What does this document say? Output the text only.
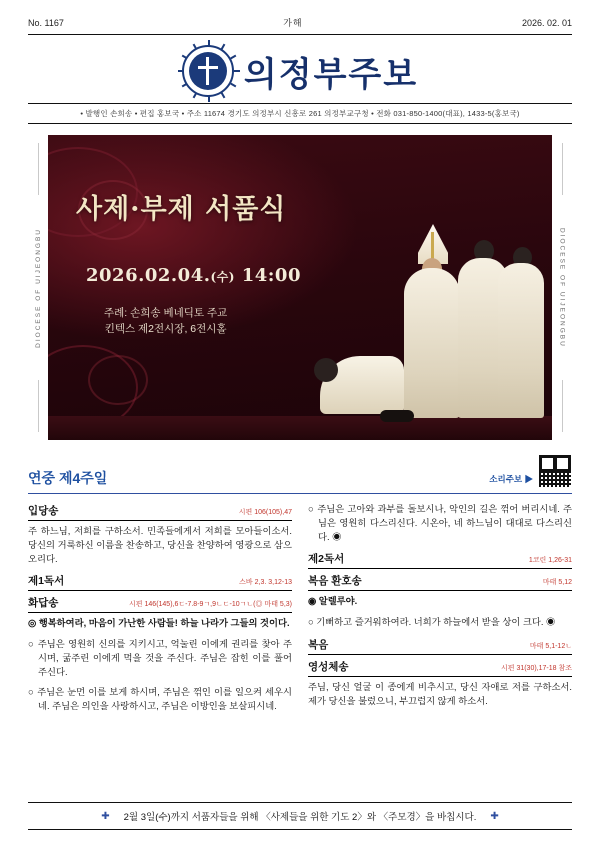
No. 1167	가해	2026. 02. 01
의정부주보
• 발행인 손희송 • 편집 홍보국 • 주소 11674 경기도 의정부시 신흥로 261 의정부교구청 • 전화 031-850-1400(대표), 1433-5(홍보국)
DIOCESE OF UIJEONGBU
사제·부제 서품식
2026.02.04.(수) 14:00
주례: 손희송 베네딕토 주교
킨텍스 제2전시장, 6전시홀	DIOCESE OF UIJEONGBU
연중 제4주일	소리주보 ▶
입당송	시편 106(105),47

주 하느님, 저희를 구하소서. 민족들에게서 저희를 모아들이소서. 당신의 거룩하신 이름을 찬송하고, 당신을 찬양하여 영광으로 삼으오리다.

제1독서	스바 2,3. 3,12-13
화답송	시편 146(145),6ㄷ-7.8-9ㄱ,9ㄴㄷ-10ㄱㄴ(◎ 마태 5,3)

◎ 행복하여라, 마음이 가난한 사람들! 하늘 나라가 그들의 것이다.

○ 주님은 영원히 신의를 지키시고, 억눌린 이에게 권리를 찾아 주시며, 굶주린 이에게 먹을 것을 주신다. 주님은 잡힌 이를 풀어 주신다.

○ 주님은 눈먼 이를 보게 하시며, 주님은 꺾인 이를 일으켜 세우시네. 주님은 의인을 사랑하시고, 주님은 이방인을 보살피시네.

○ 주님은 고아와 과부를 돌보시나, 악인의 길은 꺾어 버리시네. 주님은 영원히 다스리신다. 시온아, 네 하느님이 대대로 다스리신다. ◉

제2독서	1코린 1,26-31
복음 환호송	마태 5,12

◉ 알렐루야.

○ 기뻐하고 즐거워하여라. 너희가 하늘에서 받을 상이 크다. ◉

복음	마태 5,1-12ㄴ
영성체송	시편 31(30),17-18 참조

주님, 당신 얼굴 이 종에게 비추시고, 당신 자애로 저를 구하소서. 제가 당신을 불렀으니, 부끄럽지 않게 하소서.

✚ 2월 3일(수)까지 서품자들을 위해 〈사제들을 위한 기도 2〉와 〈주모경〉을 바칩시다. ✚
